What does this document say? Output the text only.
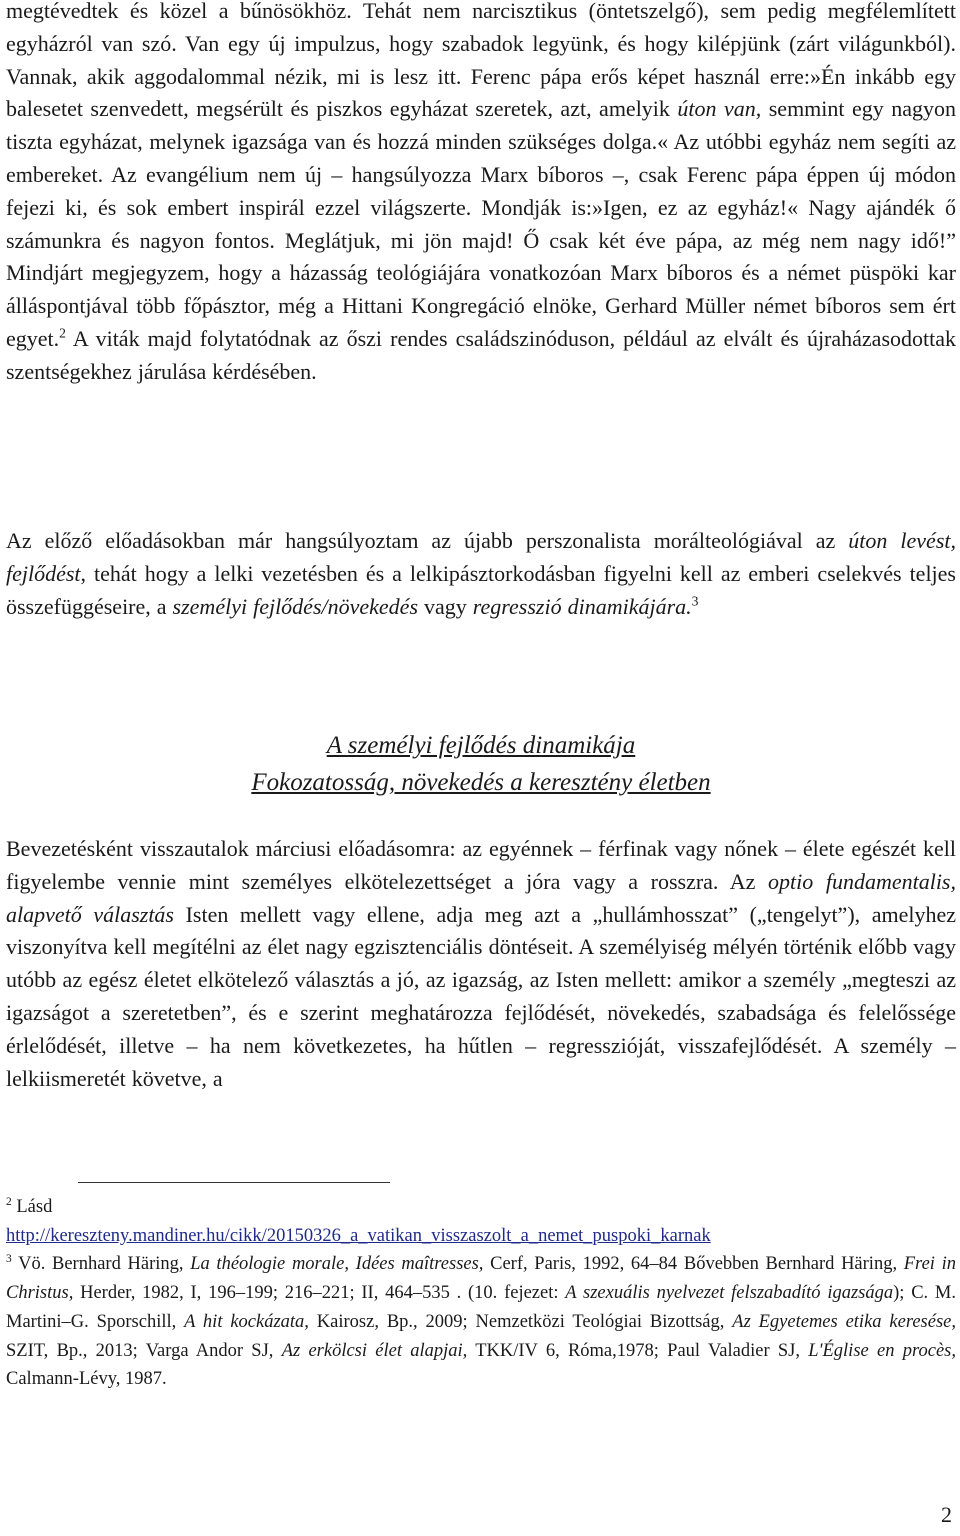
megtévedtek és közel a bűnösökhöz. Tehát nem narcisztikus (öntetszelgő), sem pedig megfélemlített egyházról van szó. Van egy új impulzus, hogy szabadok legyünk, és hogy kilépjünk (zárt világunkból). Vannak, akik aggodalommal nézik, mi is lesz itt. Ferenc pápa erős képet használ erre:»Én inkább egy balesetet szenvedett, megsérült és piszkos egyházat szeretek, azt, amelyik úton van, semmint egy nagyon tiszta egyházat, melynek igazsága van és hozzá minden szükséges dolga.« Az utóbbi egyház nem segíti az embereket. Az evangélium nem új – hangsúlyozza Marx bíboros –, csak Ferenc pápa éppen új módon fejezi ki, és sok embert inspirál ezzel világszerte. Mondják is:»Igen, ez az egyház!« Nagy ajándék ő számunkra és nagyon fontos. Meglátjuk, mi jön majd! Ő csak két éve pápa, az még nem nagy idő!” Mindjárt megjegyzem, hogy a házasság teológiájára vonatkozóan Marx bíboros és a német püspöki kar álláspontjával több főpásztor, még a Hittani Kongregáció elnöke, Gerhard Müller német bíboros sem ért egyet.$^2$ A viták majd folytatódnak az őszi rendes családszinóduson, például az elvált és újraházasodottak szentségekhez járulása kérdésében.

Az előző előadásokban már hangsúlyoztam az újabb perszonalista morálteológiával az úton levést, fejlődést, tehát hogy a lelki vezetésben és a lelkipásztorkodásban figyelni kell az emberi cselekvés teljes összefüggéseire, a személyi fejlődés/növekedés vagy regresszió dinamikájára.$^3$

A személyi fejlődés dinamikája
Fokozatosság, növekedés a keresztény életben

Bevezetésként visszautalok márciusi előadásomra: az egyénnek – férfinak vagy nőnek – élete egészét kell figyelembe vennie mint személyes elkötelezettséget a jóra vagy a rosszra. Az optio fundamentalis, alapvető választás Isten mellett vagy ellene, adja meg azt a „hullámhosszat” („tengelyt”), amelyhez viszonyítva kell megítélni az élet nagy egzisztenciális döntéseit. A személyiség mélyén történik előbb vagy utóbb az egész életet elkötelező választás a jó, az igazság, az Isten mellett: amikor a személy „megteszi az igazságot a szeretetben”, és e szerint meghatározza fejlődését, növekedés, szabadsága és felelőssége érlelődését, illetve – ha nem következetes, ha hűtlen – regresszióját, visszafejlődését. A személy – lelkiismeretét követve, a

$^2$ Lásd
http://kereszteny.mandiner.hu/cikk/20150326_a_vatikan_visszaszolt_a_nemet_puspoki_karnak

$^3$ Vö. Bernhard Häring, La théologie morale, Idées maîtresses, Cerf, Paris, 1992, 64–84 Bővebben Bernhard Häring, Frei in Christus, Herder, 1982, I, 196–199; 216–221; II, 464–535 . (10. fejezet: A szexuális nyelvezet felszabadító igazsága); C. M. Martini–G. Sporschill, A hit kockázata, Kairosz, Bp., 2009; Nemzetközi Teológiai Bizottság, Az Egyetemes etika keresése, SZIT, Bp., 2013; Varga Andor SJ, Az erkölcsi élet alapjai, TKK/IV 6, Róma,1978; Paul Valadier SJ, L'Église en procès, Calmann-Lévy, 1987.

2
